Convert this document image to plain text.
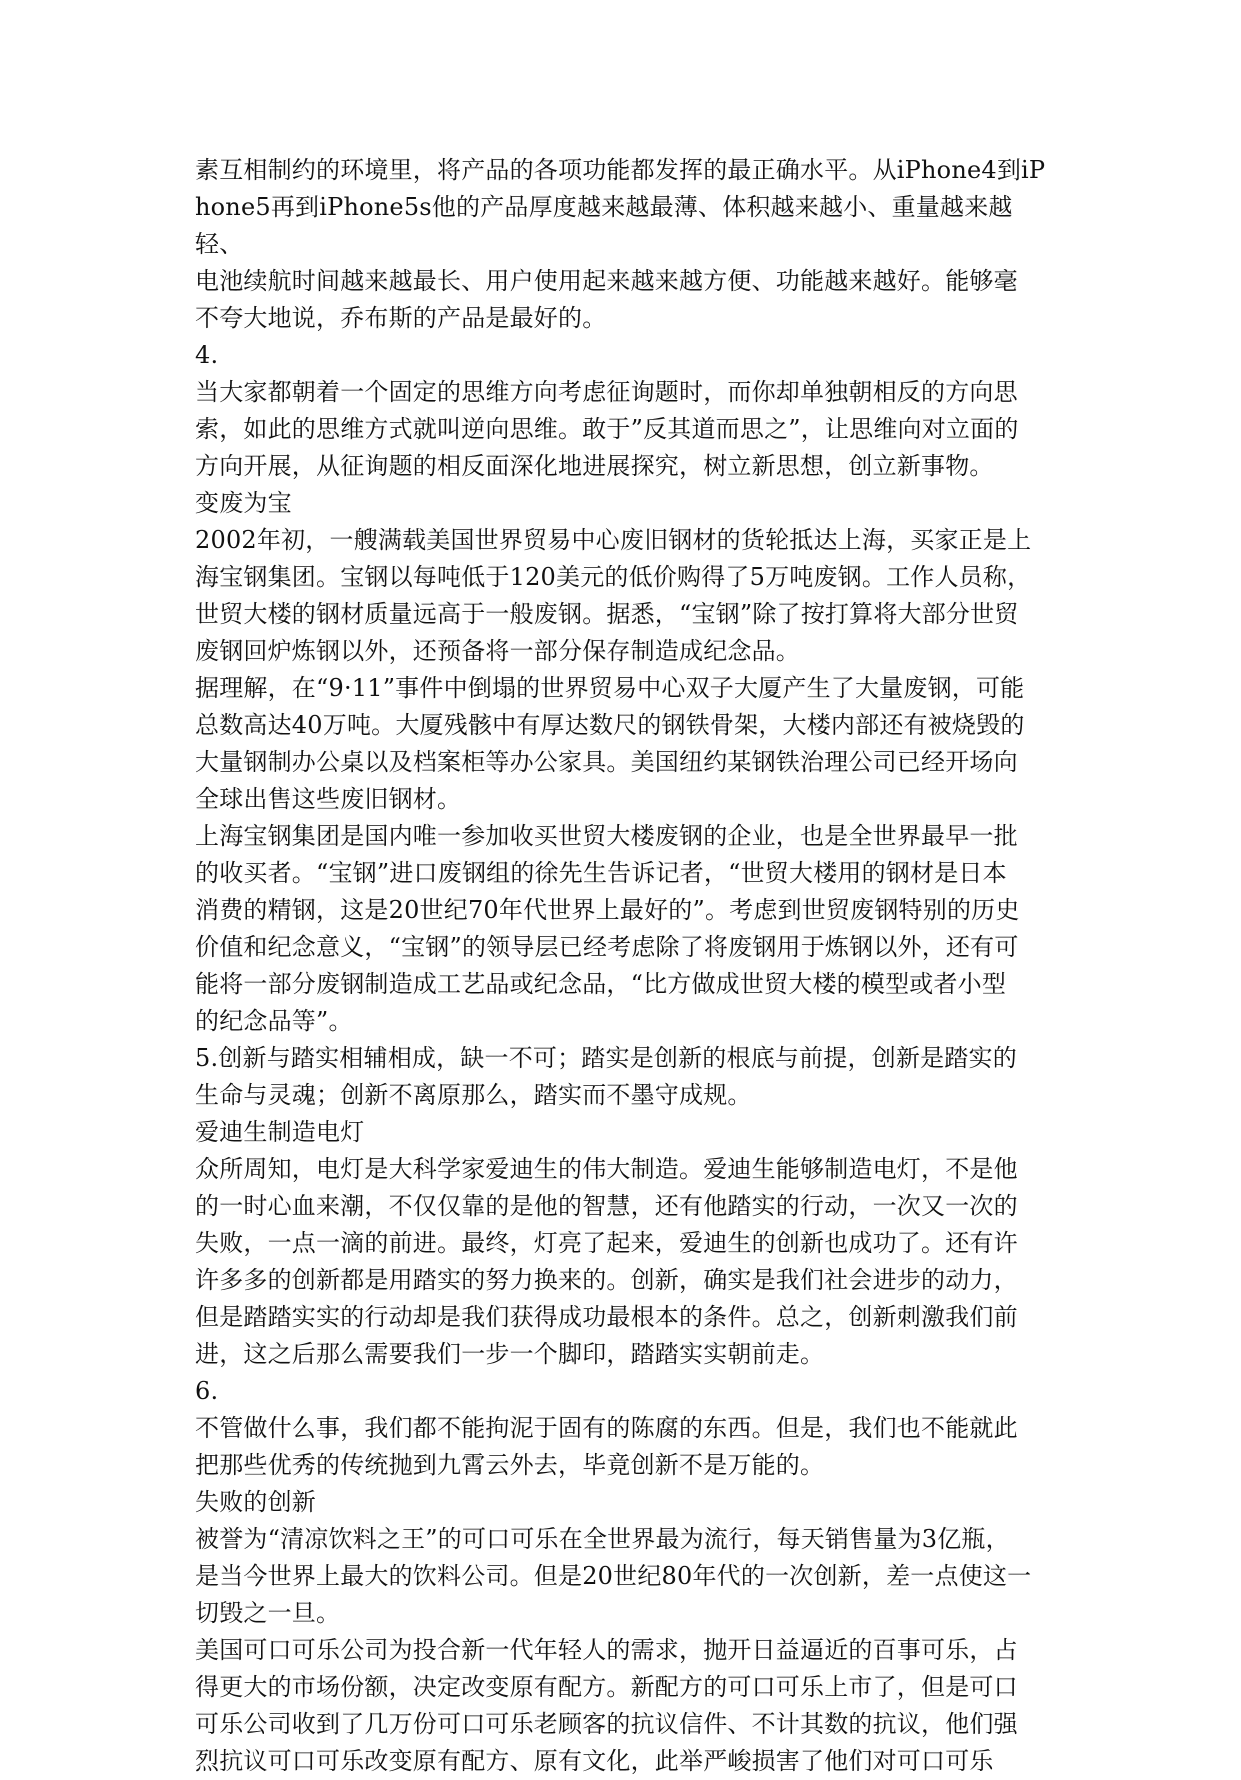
素互相制约的环境里，将产品的各项功能都发挥的最正确水平。从iPhone4到iP
hone5再到iPhone5s他的产品厚度越来越最薄、体积越来越小、重量越来越轻、
电池续航时间越来越最长、用户使用起来越来越方便、功能越来越好。能够毫
不夸大地说，乔布斯的产品是最好的。
4.
当大家都朝着一个固定的思维方向考虑征询题时，而你却单独朝相反的方向思
索，如此的思维方式就叫逆向思维。敢于”反其道而思之”，让思维向对立面的
方向开展，从征询题的相反面深化地进展探究，树立新思想，创立新事物。
变废为宝
2002年初，一艘满载美国世界贸易中心废旧钢材的货轮抵达上海，买家正是上
海宝钢集团。宝钢以每吨低于120美元的低价购得了5万吨废钢。工作人员称，
世贸大楼的钢材质量远高于一般废钢。据悉，“宝钢”除了按打算将大部分世贸
废钢回炉炼钢以外，还预备将一部分保存制造成纪念品。
据理解，在“9·11”事件中倒塌的世界贸易中心双子大厦产生了大量废钢，可能
总数高达40万吨。大厦残骸中有厚达数尺的钢铁骨架，大楼内部还有被烧毁的
大量钢制办公桌以及档案柜等办公家具。美国纽约某钢铁治理公司已经开场向
全球出售这些废旧钢材。
上海宝钢集团是国内唯一参加收买世贸大楼废钢的企业，也是全世界最早一批
的收买者。“宝钢”进口废钢组的徐先生告诉记者，“世贸大楼用的钢材是日本
消费的精钢，这是20世纪70年代世界上最好的”。考虑到世贸废钢特别的历史
价值和纪念意义，“宝钢”的领导层已经考虑除了将废钢用于炼钢以外，还有可
能将一部分废钢制造成工艺品或纪念品，“比方做成世贸大楼的模型或者小型
的纪念品等”。
5.创新与踏实相辅相成，缺一不可；踏实是创新的根底与前提，创新是踏实的
生命与灵魂；创新不离原那么，踏实而不墨守成规。
爱迪生制造电灯
众所周知，电灯是大科学家爱迪生的伟大制造。爱迪生能够制造电灯，不是他
的一时心血来潮，不仅仅靠的是他的智慧，还有他踏实的行动，一次又一次的
失败，一点一滴的前进。最终，灯亮了起来，爱迪生的创新也成功了。还有许
许多多的创新都是用踏实的努力换来的。创新，确实是我们社会进步的动力，
但是踏踏实实的行动却是我们获得成功最根本的条件。总之，创新刺激我们前
进，这之后那么需要我们一步一个脚印，踏踏实实朝前走。
6.
不管做什么事，我们都不能拘泥于固有的陈腐的东西。但是，我们也不能就此
把那些优秀的传统抛到九霄云外去，毕竟创新不是万能的。
失败的创新
被誉为“清凉饮料之王”的可口可乐在全世界最为流行，每天销售量为3亿瓶，
是当今世界上最大的饮料公司。但是20世纪80年代的一次创新，差一点使这一
切毁之一旦。
美国可口可乐公司为投合新一代年轻人的需求，抛开日益逼近的百事可乐，占
得更大的市场份额，决定改变原有配方。新配方的可口可乐上市了，但是可口
可乐公司收到了几万份可口可乐老顾客的抗议信件、不计其数的抗议，他们强
烈抗议可口可乐改变原有配方、原有文化，此举严峻损害了他们对可口可乐
